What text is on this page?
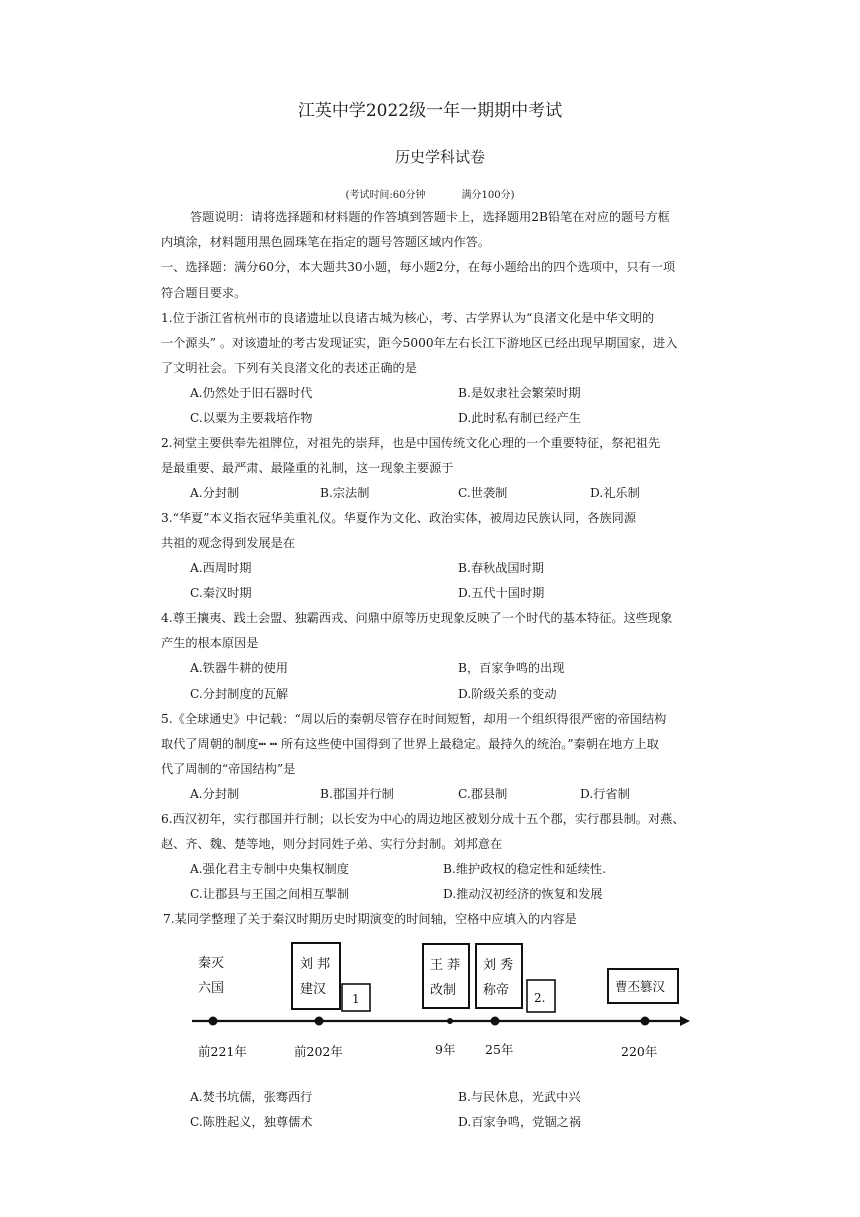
江英中学2022级一年一期期中考试
历史学科试卷
(考试时间:60分钟	满分100分)
答题说明：请将选择题和材料题的作答填到答题卡上，选择题用2B铅笔在对应的题号方框
内填涂，材料题用黑色圆珠笔在指定的题号答题区域内作答。
一、选择题：满分60分，本大题共30小题，每小题2分，在每小题给出的四个选项中，只有一项
符合题目要求。
1.位于浙江省杭州市的良诸遗址以良诸古城为核心，考、古学界认为“良渚文化是中华文明的
一个源头” 。对该遗址的考古发现证实，距今5000年左右长江下游地区已经出现早期国家，进入
了文明社会。下列有关良渚文化的表述正确的是
A.仍然处于旧石器时代	B.是奴隶社会繁荣时期
C.以粟为主要栽培作物	D.此时私有制已经产生
2.祠堂主要供奉先祖牌位，对祖先的崇拜，也是中国传统文化心理的一个重要特征，祭祀祖先
是最重要、最严肃、最隆重的礼制，这一现象主要源于
A.分封制	B.宗法制	C.世袭制	D.礼乐制
3.“华夏”本义指衣冠华美重礼仪。华夏作为文化、政治实体，被周边民族认同，各族同源
共祖的观念得到发展是在
A.西周时期	B.春秋战国时期
C.秦汉时期	D.五代十国时期
4.尊王攘夷、践土会盟、独霸西戎、问鼎中原等历史现象反映了一个时代的基本特征。这些现象
产生的根本原因是
A.铁器牛耕的使用	B，百家争鸣的出现
C.分封制度的瓦解	D.阶级关系的变动
5.《全球通史》中记载：“周以后的秦朝尽管存在时间短暂，却用一个组织得很严密的帝国结构
取代了周朝的制度┅ ┅ 所有这些使中国得到了世界上最稳定。最持久的统治。”秦朝在地方上取
代了周制的“帝国结构”是
A.分封制	B.郡国并行制	C.郡县制	D.行省制
6.西汉初年，实行郡国并行制；以长安为中心的周边地区被划分成十五个郡，实行郡县制。对燕、
赵、齐、魏、楚等地，则分封同姓子弟、实行分封制。刘邦意在
A.强化君主专制中央集权制度	B.维护政权的稳定性和延续性.
C.让郡县与王国之间相互掣制	D.推动汉初经济的恢复和发展
7.某同学整理了关于秦汉时期历史时期演变的时间轴，空格中应填入的内容是
秦灭
六国
刘 邦
建汉
1
王 莽
改制
刘 秀
称帝 2.
曹丕篡汉
前221年	前202年	9年 25年	220年
A.焚书坑儒，张骞西行	B.与民休息，光武中兴
C.陈胜起义，独尊儒术	D.百家争鸣，党锢之祸
